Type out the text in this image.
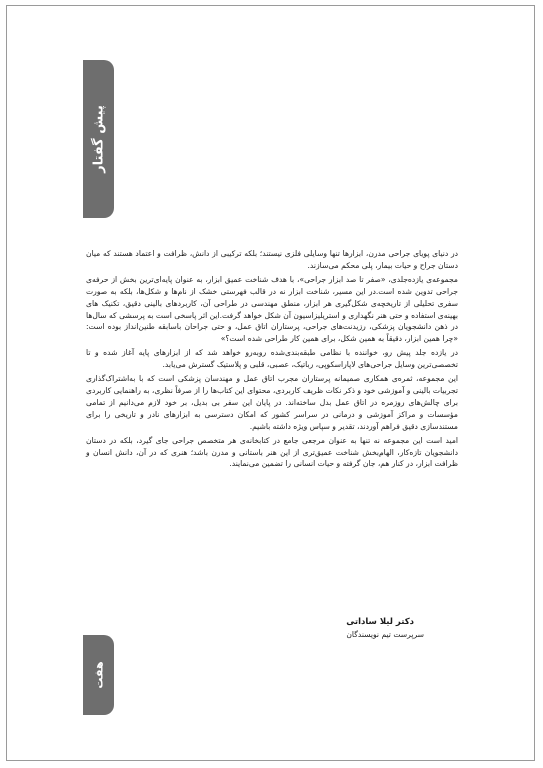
پیش گفتار

در دنیای پویای جراحی مدرن، ابزارها تنها وسایلی فلزی نیستند؛ بلکه ترکیبی از دانش، ظرافت و اعتماد هستند که میان دستان جراح و حیات بیمار، پلی محکم می‌سازند.

مجموعه‌ی یازده‌جلدی، «صفر تا صد ابزار جراحی»، با هدف شناخت عمیق ابزار، به عنوان پایه‌ای‌ترین بخش از حرفه‌ی جراحی تدوین شده است.در این مسیر، شناخت ابزار نه در قالب فهرستی خشک از نام‌ها و شکل‌ها، بلکه به صورت سفری تحلیلی از تاریخچه‌ی شکل‌گیری هر ابزار، منطق مهندسی در طراحی آن، کاربردهای بالینی دقیق، تکنیک های بهینه‌ی استفاده و حتی هنر نگهداری و استریلیزاسیون آن شکل خواهد گرفت.این اثر پاسخی است به پرسشی که سال‌ها در ذهن دانشجویان پزشکی، رزیدنت‌های جراحی، پرستاران اتاق عمل، و حتی جراحان باسابقه طنین‌انداز بوده است: «چرا همین ابزار، دقیقاً به همین شکل، برای همین کار طراحی شده است؟»

در یازده جلد پیش رو، خواننده با نظامی طبقه‌بندی‌شده روبه‌رو خواهد شد که از ابزارهای پایه آغاز شده و تا تخصصی‌ترین وسایل جراحی‌های لاپاراسکوپی، رباتیک، عصبی، قلبی و پلاستیک گسترش می‌یابد.

این مجموعه، ثمره‌ی همکاری صمیمانه پرستاران مجرب اتاق عمل و مهندسان پزشکی است که با به‌اشتراک‌گذاری تجربیات بالینی و آموزشی خود و ذکر نکات ظریف کاربردی، محتوای این کتاب‌ها را از صرفاً نظری، به راهنمایی کاربردی برای چالش‌های روزمره در اتاق عمل بدل ساخته‌اند. در پایان این سفر بی بدیل، بر خود لازم می‌دانیم از تمامی مؤسسات و مراکز آموزشی و درمانی در سراسر کشور که امکان دسترسی به ابزارهای نادر و تاریخی را برای مستندسازی دقیق فراهم آوردند، تقدیر و سپاس ویژه داشته باشیم.

امید است این مجموعه نه تنها به عنوان مرجعی جامع در کتابخانه‌ی هر متخصص جراحی جای گیرد، بلکه در دستان دانشجویان تازه‌کار، الهام‌بخش شناخت عمیق‌تری از این هنر باستانی و مدرن باشد؛ هنری که در آن، دانش انسان و ظرافت ابزار، در کنار هم، جان گرفته و حیات انسانی را تضمین می‌نمایند.

دکتر لیلا ساداتی
سرپرست تیم نویسندگان
هفت
